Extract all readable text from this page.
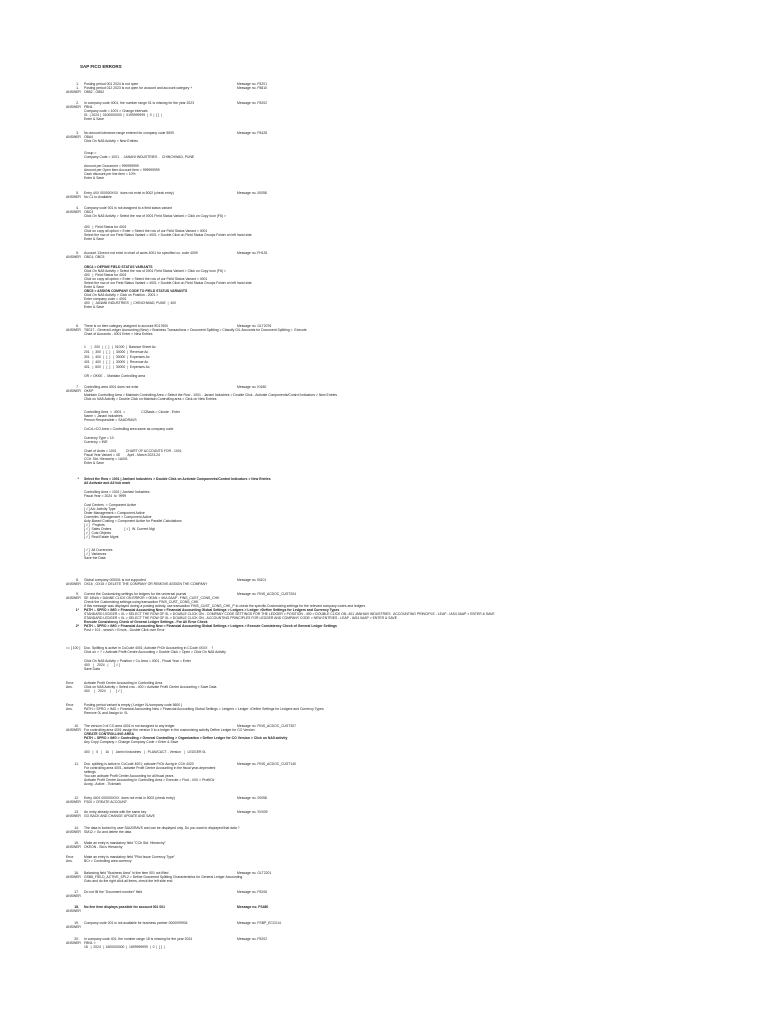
SAP FICO ERRORS
1. Posting period 001 2024 is not open	Message no. F5201
1. Posting period 012 2023 is not open for account and account category +	Message no. F5810
ANSWER OB52 , OB52
2. In company code 4001, the number range 01 is missing for the year 2023	Message no. F5202
ANSWER FBN1
Company code = 1001 > Change intervals
01  | 2024 |  0100000000  |  0199999999  |  0  |  [ ]  |
Enter & Save
3. No amount tolerance range entered for company code 5509	Message no. F5428
ANSWER OBA4
Click On NA5 Activity > New Entries
Group =
Company Code = 1001  .  JANANI INDUSTRIES  .  CHINCHWAD, PUNE
Amount per Document = 999999999
Amount per Open Item Account Item = 999999999
Cash discount per line item = 10%
Enter & Save
5. Entry 4XX 000000XXX  does not exist in 5002 (check entry)	Message no. 00058
ANSWER No CL to Available
4. Company code 001 is not assigned to a field status variant
ANSWER OBC4
Click On NA5 Activity > Select the row of 0001 Field Status Variant > Click on Copy Icon (F6) >
400   |  Field Status for 4001
Click on copy all option > Enter > Select the row of our Field Status Variant > 4001
Select the row of our Field Status Variant > 4001 > Double Click on Field Status Groups Folder on left hand side
Enter & Save
5. Account 13xxxxx not exist in chart of accts 4001 for specified co. code 4009	Message no. FH191
ANSWER OBC4, OBC5
OBC4 > DEFINE FIELD STATUS VARIANTS
Click On NA5 Activity > Select the row of 0001 Field Status Variant > Click on Copy Icon (F6) >
400   |  Field Status for 4001
Click on copy all option > Enter > Select the row of our Field Status Variant > 4001
Select the row of our Field Status Variant > 4001 > Double Click on Field Status Groups Folder on left hand side
Enter & Save
OBC5 > ASSIGN COMPANY CODE TO FIELD STATUS VARIANTS
Click On NA5 Activity > Click on Position - 2001 >
Enter company code = 4001
400   |  JANANI INDUSTRIES  |  CHINCHWAD, PUNE  |  400
Enter & Save
6. There is no item category assigned to account 9D17600	Message no. GLT2076
ANSWER T8G17 - General Ledger Accounting (New) > Business Transactions > Document Splitting > Classify G/L Accounts for Document Splitting >  Execute
Chart of Accounts - 4001 Enter > New Entries
1     |   200  |   [  ]   |  01000  |  Balance Sheet Ac
201   |  300  |   [  ]   |  30000  |  Revenue Ac
301   |  400  |   [  ]   |  30000  |  Expenses Ac
401   |  400  |   [  ]   |  30000  |  Revenue Ac
401   |  600  |   [  ]   |  30000  |  Expenses Ac
OR > OKKE  -  Maintain Controlling area
7. Controlling area 4001 does not exist	Message no. KI180
ANSWER OKKP
Maintain Controlling Area > Maintain Controlling Area > Select the Row - 1001 - Janani Industries > Double Click - Activate Components/Control Indicators > New Entries
Click on NA5 Activity > Double Click on Maintain Controlling area > Click on New Entries
Controlling Area  =  4001  =                 CCBasis = Cicode - Enter
Name = Janani Industries
Person Responsible = SAUDRAVS
CoCd->CO Area = Controlling area same as company code
Currency Type = 10
Currency = INR
Chart of Accts = 1001          CHART OF ACCOUNTS FOR - 1001
Fiscal Year Variant = 4S        April - March 2023-24
CCtr. Std. Hierarchy = 1A001
Enter & Save
* Select the Row > 1001 | Janhavi Industries > Double Click on Activate Components/Control Indicators > New Entries
All Activate and All tick mark
Controlling Area = 1001 | Janhavi Industries
Fiscal Year = 2024  to  9999
Cost Centers  = Component Active
[ √ ] AA: Activity Type
Order Management = Component Active
Commitm. Management = Component Active
Acty-Based Costing = Component Active for Parallel Calculations
[ √ ]   Projects
[ √ ]  Sales Orders              [ √ ]  W. Current Mgt
[ √ ]  Cost Objects
[ √ ]  Real Estate Mgmt
[ √ ]  All Currencies
[ √ ]  Variances
Save the Data
8. Global company 000001 is not supported	Message no. BI101
ANSWER OX16 , OX15 > DELETE THE COMPANY OR REMOVE ASSIGN THE COMPANY
9. Correct the Customizing settings for ledgers for the universal journal	Message no. FINS_ACDOC_CUST204
ANSWER SE 16N/A > DANNE CLICK ON ERROR > 0EAN > 4KA 0AAP : FINS_CUST_CONS_CHK
Check the Customizing settings using transaction FINS_CUST_CONS_CHK
If this message was displayed during a posting activity, use transaction FINS_CUST_CONS_CHK_P to check the specific Customizing settings for the relevant company codes and ledgers
1* PATH :- SPRO > IMG > Financial Accounting New > Financial Accounting Global Settings > Ledgers > Ledger >Define Settings for Ledgers and Currency Types
STANDARD LEDGER = 0L > SELECT THE ROW OF 0L > DOUBLE CLICK ON - COMPANY CODE SETTINGS FOR THE LEDGER > POSITION - 400 > DOUBLE CLICK ON -401 JANHAVI INDUSTRIES   ACCOUNTING PRINCIPLE - LEAP - IAS4 0AAP > ENTER & SAVE
STANDARD LEDGER = 0L > SELECT THE ROW OF 0L > DOUBLE CLICK ON - ACCOUNTING PRINCIPLES FOR LEDGER AND COMPANY CODE > NEW ENTRIES - LEAP - IAS4 0AAP > ENTER & SAVE
Execute Consistency Check of General Ledger Settings - For All Error Check
2* PATH :- SPRO > IMG > Financial Accounting New > Financial Accounting Global Settings > Ledgers > Execute Consistency Check of General Ledger Settings
Post > 101 - search > Errors - Double Click over Error
== [ 100 ] Doc. Splitting is active in CoCode 4001; Activate PrCtr Accounting in CCode 4XXX    ?
Click on > ? > Activate Profit Centre Accounting > Double Click > Open > Click On NA5 Activity
Click On NA5 Activity > Position > Co Area = 4001 - Fiscal Year = Enter
400    |   2024   |      [ √ ]
Save Data
Error	Activate Profit Centre Accounting in Controlling Area
Ans.	Click on NA5 Activity > Select row - 400 > Activate Profit Centre Accounting > Save Data
400     |   2024     |     [ √ ]
Error	Posting period variant is empty ( Ledger 0L/company code 5600 )
Ans.	PATH > SPRO > IMG > Financial Accounting New > Financial Accounting Global Settings > Ledgers > Ledger >Define Settings for Ledgers and Currency Types
Remove 0L and Assign to  0L
10. The version 0 of CO area 4001 is not assigned to any ledger	Message no. FINS_ACDOC_CUST307
ANSWER For controlling area 4001 assign the version 0 to a ledger in the customizing activity Define Ledger for CO Version
CREATE CONTROLLING AREA
PATH :- SPRO > IMG > Controlling > General Controlling > Organization > Define Ledger for CO Version > Click on NA5 activity
Any Copy Company > Change Company Code > Enter & Save
400   |   0   |    1k   |   Janhvi Industries   |   PLAN/CACT - Version   |   LEDGER 0L
11. Doc. splitting is active in CoCode 4001; activate PrCtr Acctg in CCtr 4020	Message no. FINS_ACDOC_CUST140
For controlling area 4001, activate Profit Centre Accounting in the fiscal year-dependent
settings
You can activate Profit Center Accounting for all fiscal years
Activate Profit Centre Accounting in Controlling Area > Execute > Find - 4XX > ProfitCtr
Acctg - Active - Tickmark
12. Entry 4401 000000XXX  does not exist in 5002 (check entry)	Message no. 00058
ANSWER FS00 > CREATE ACCOUNT
13. An entry already exists with the same key	Message no. SV009
ANSWER GO BACK AND CHANGE UPDATE AND SAVE
14. The data is locked by user SAUDRAVS and can be displayed only. Do you want to displayed that data ?
ANSWER SM12 > Go and delete the data
15. Make an entry is mandatory field "CCtr Std. Hierarchy"
ANSWER OKEON - Std.s Hierarchy
Error	Make an entry is mandatory field "Pilot Issue Currency Type"
Ans.	BCr > Controlling area currency
16. Balancing field "Business Area" in line item 001 not filled	Message no. GLT2201
ANSWER GSB8_FIELD_ACTIVE_SPL2 > Define Document Splitting Characteristics for General Ledger Accounting
Goto and do the right click all items, check the left side end
17. Do not fill the "Document number" field	Message no. F5206
ANSWER
18. No line item displays possible for account 001 001	Message no. FS480
ANSWER
19. Company code 001 is not available for business partner 0000099904	Message no. FSBP_ECC014
ANSWER
20. In company code 401, the number range 18 is missing for the year 2024	Message no. F5202
ANSWER FBN1 >
18   |  2024  |  1800000000  |  1899999999  |  0  |  [ ]  |
